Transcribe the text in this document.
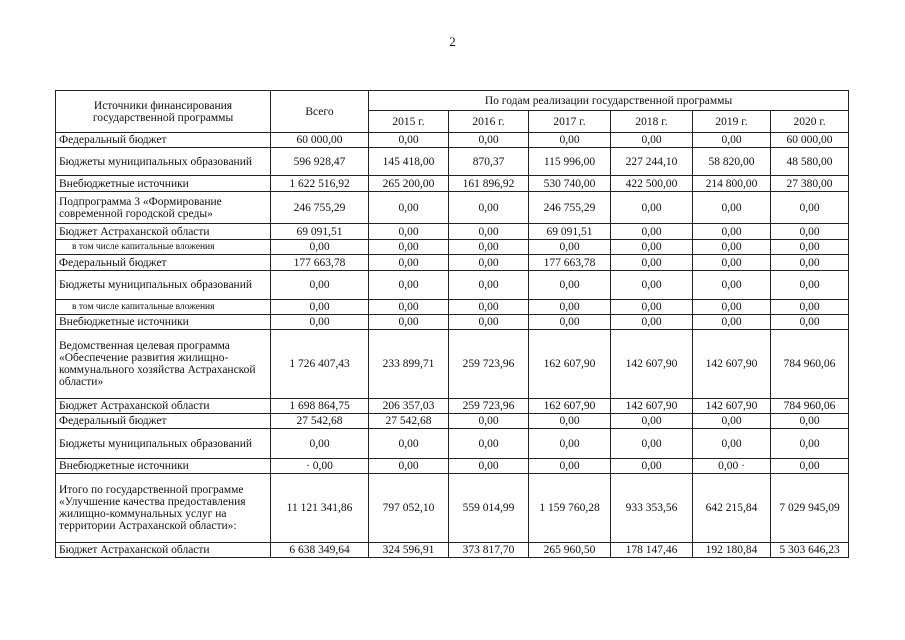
2
Источники финансирования государственной программы	Всего	По годам реализации государственной программы					
		2015 г.	2016 г.	2017 г.	2018 г.	2019 г.	2020 г.
Федеральный бюджет	60 000,00	0,00	0,00	0,00	0,00	0,00	60 000,00
Бюджеты муниципальных образований	596 928,47	145 418,00	870,37	115 996,00	227 244,10	58 820,00	48 580,00
Внебюджетные источники	1 622 516,92	265 200,00	161 896,92	530 740,00	422 500,00	214 800,00	27 380,00
Подпрограмма 3 «Формирование современной городской среды»	246 755,29	0,00	0,00	246 755,29	0,00	0,00	0,00
Бюджет Астраханской области	69 091,51	0,00	0,00	69 091,51	0,00	0,00	0,00
в том числе капитальные вложения	0,00	0,00	0,00	0,00	0,00	0,00	0,00
Федеральный бюджет	177 663,78	0,00	0,00	177 663,78	0,00	0,00	0,00
Бюджеты муниципальных образований	0,00	0,00	0,00	0,00	0,00	0,00	0,00
в том числе капитальные вложения	0,00	0,00	0,00	0,00	0,00	0,00	0,00
Внебюджетные источники	0,00	0,00	0,00	0,00	0,00	0,00	0,00
Ведомственная целевая программа «Обеспечение развития жилищно-коммунального хозяйства Астраханской области»	1 726 407,43	233 899,71	259 723,96	162 607,90	142 607,90	142 607,90	784 960,06
Бюджет Астраханской области	1 698 864,75	206 357,03	259 723,96	162 607,90	142 607,90	142 607,90	784 960,06
Федеральный бюджет	27 542,68	27 542,68	0,00	0,00	0,00	0,00	0,00
Бюджеты муниципальных образований	0,00	0,00	0,00	0,00	0,00	0,00	0,00
Внебюджетные источники	· 0,00	0,00	0,00	0,00	0,00	0,00 ·	0,00
Итого по государственной программе «Улучшение качества предоставления жилищно-коммунальных услуг на территории Астраханской области»:	11 121 341,86	797 052,10	559 014,99	1 159 760,28	933 353,56	642 215,84	7 029 945,09
Бюджет Астраханской области	6 638 349,64	324 596,91	373 817,70	265 960,50	178 147,46	192 180,84	5 303 646,23
